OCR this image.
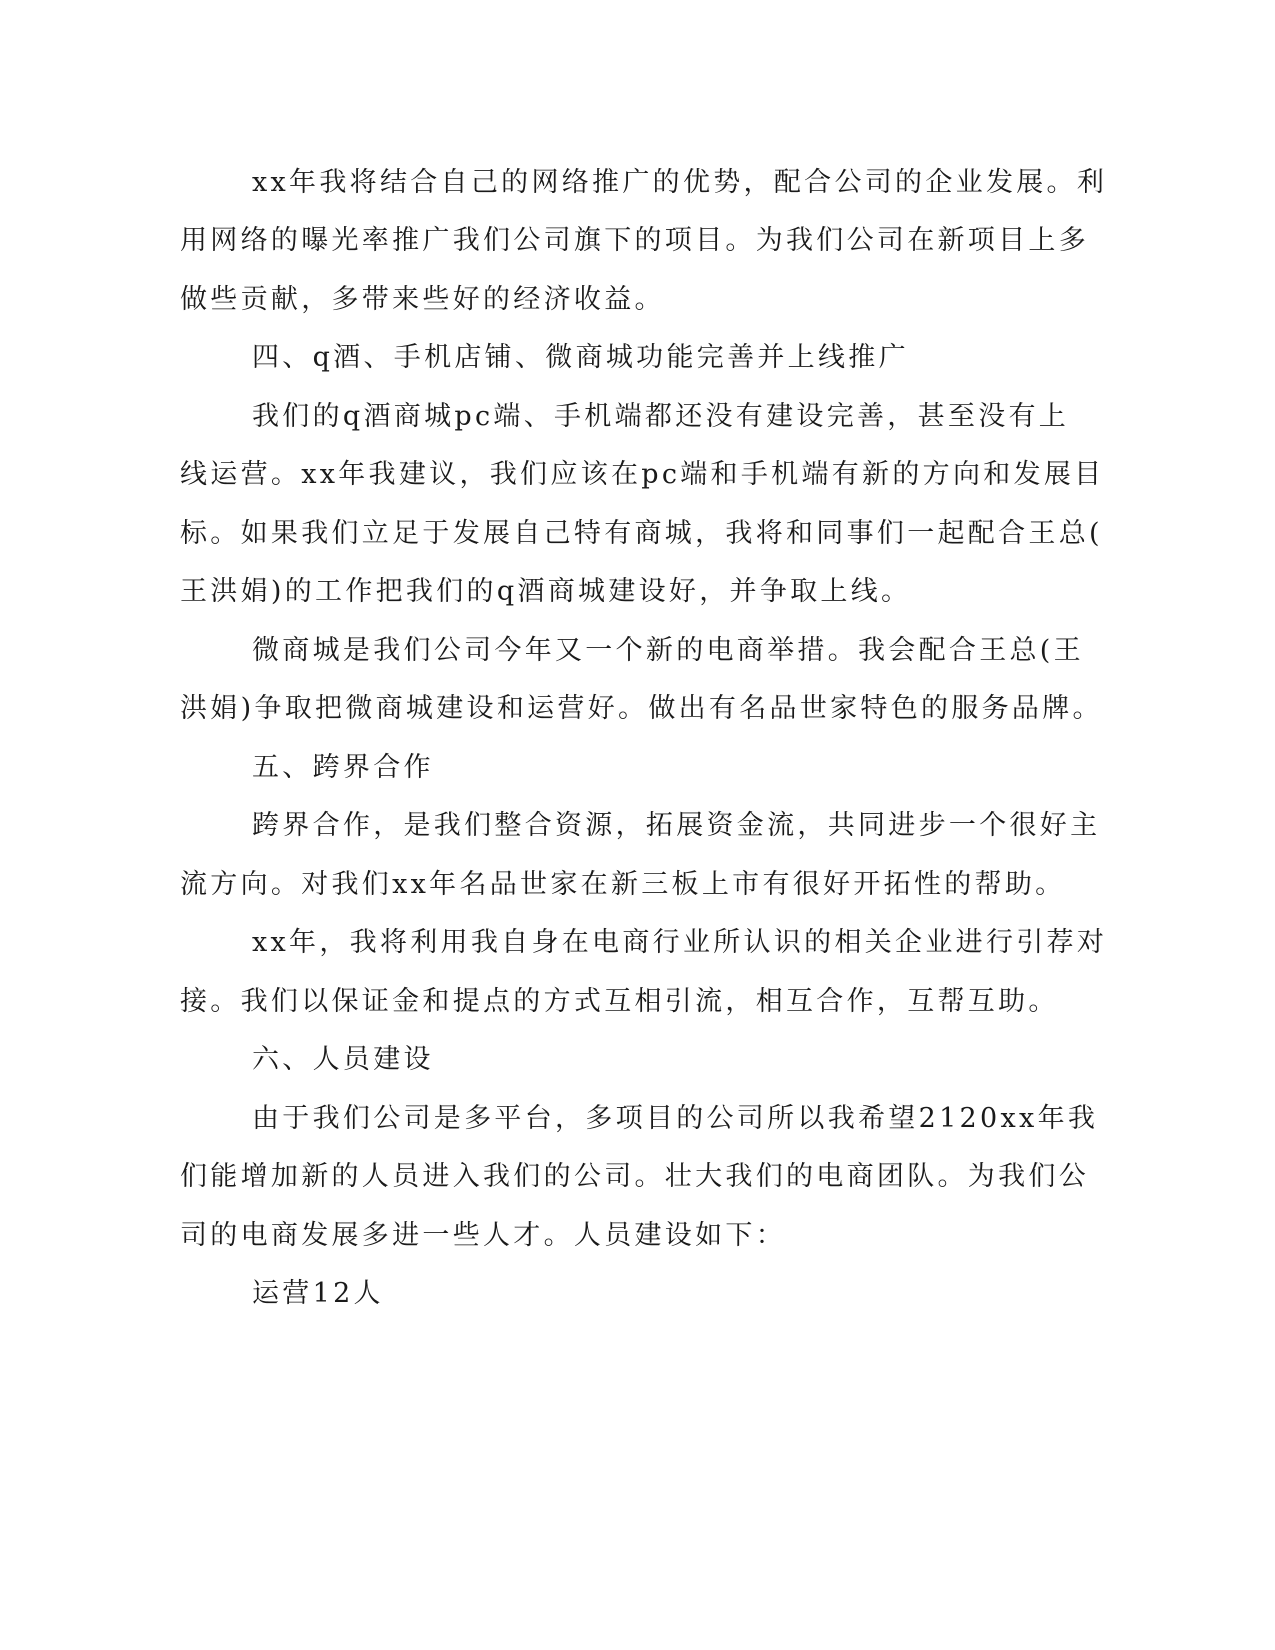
xx年我将结合自己的网络推广的优势，配合公司的企业发展。利
用网络的曝光率推广我们公司旗下的项目。为我们公司在新项目上多
做些贡献，多带来些好的经济收益。
四、q酒、手机店铺、微商城功能完善并上线推广
我们的q酒商城pc端、手机端都还没有建设完善，甚至没有上
线运营。xx年我建议，我们应该在pc端和手机端有新的方向和发展目
标。如果我们立足于发展自己特有商城，我将和同事们一起配合王总(
王洪娟)的工作把我们的q酒商城建设好，并争取上线。
微商城是我们公司今年又一个新的电商举措。我会配合王总(王
洪娟)争取把微商城建设和运营好。做出有名品世家特色的服务品牌。
五、跨界合作
跨界合作，是我们整合资源，拓展资金流，共同进步一个很好主
流方向。对我们xx年名品世家在新三板上市有很好开拓性的帮助。
xx年，我将利用我自身在电商行业所认识的相关企业进行引荐对
接。我们以保证金和提点的方式互相引流，相互合作，互帮互助。
六、人员建设
由于我们公司是多平台，多项目的公司所以我希望2120xx年我
们能增加新的人员进入我们的公司。壮大我们的电商团队。为我们公
司的电商发展多进一些人才。人员建设如下：
运营12人
